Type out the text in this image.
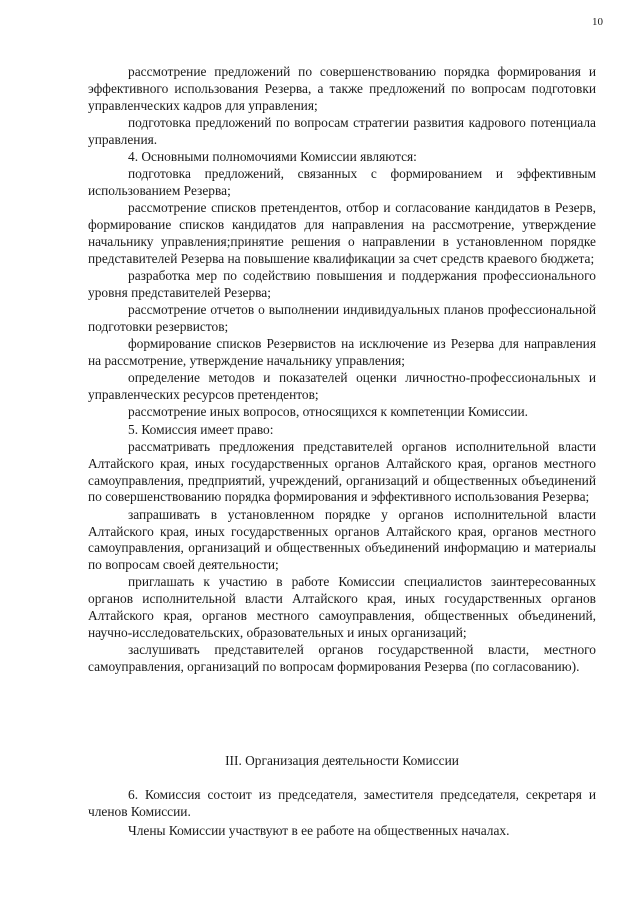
10

рассмотрение предложений по совершенствованию порядка формирования и эффективного использования Резерва, а также предложений по вопросам подготовки управленческих кадров для управления;

подготовка предложений по вопросам стратегии развития кадрового потенциала управления.

4. Основными полномочиями Комиссии являются:

подготовка предложений, связанных с формированием и эффективным использованием Резерва;

рассмотрение списков претендентов, отбор и согласование кандидатов в Резерв, формирование списков кандидатов для направления на рассмотрение, утверждение начальнику управления;принятие решения о направлении в установленном порядке представителей Резерва на повышение квалификации за счет средств краевого бюджета;

разработка мер по содействию повышения и поддержания профессионального уровня представителей Резерва;

рассмотрение отчетов о выполнении индивидуальных планов профессиональной подготовки резервистов;

формирование списков Резервистов на исключение из Резерва для направления на рассмотрение, утверждение начальнику управления;

определение методов и показателей оценки личностно-профессиональных и управленческих ресурсов претендентов;

рассмотрение иных вопросов, относящихся к компетенции Комиссии.

5. Комиссия имеет право:

рассматривать предложения представителей органов исполнительной власти Алтайского края, иных государственных органов Алтайского края, органов местного самоуправления, предприятий, учреждений, организаций и общественных объединений по совершенствованию порядка формирования и эффективного использования Резерва;

запрашивать в установленном порядке у органов исполнительной власти Алтайского края, иных государственных органов Алтайского края, органов местного самоуправления, организаций и общественных объединений информацию и материалы по вопросам своей деятельности;

приглашать к участию в работе Комиссии специалистов заинтересованных органов исполнительной власти Алтайского края, иных государственных органов Алтайского края, органов местного самоуправления, общественных объединений, научно-исследовательских, образовательных и иных организаций;

заслушивать представителей органов государственной власти, местного самоуправления, организаций по вопросам формирования Резерва (по согласованию).

III. Организация деятельности Комиссии

6. Комиссия состоит из председателя, заместителя председателя, секретаря и членов Комиссии.

Члены Комиссии участвуют в ее работе на общественных началах.
